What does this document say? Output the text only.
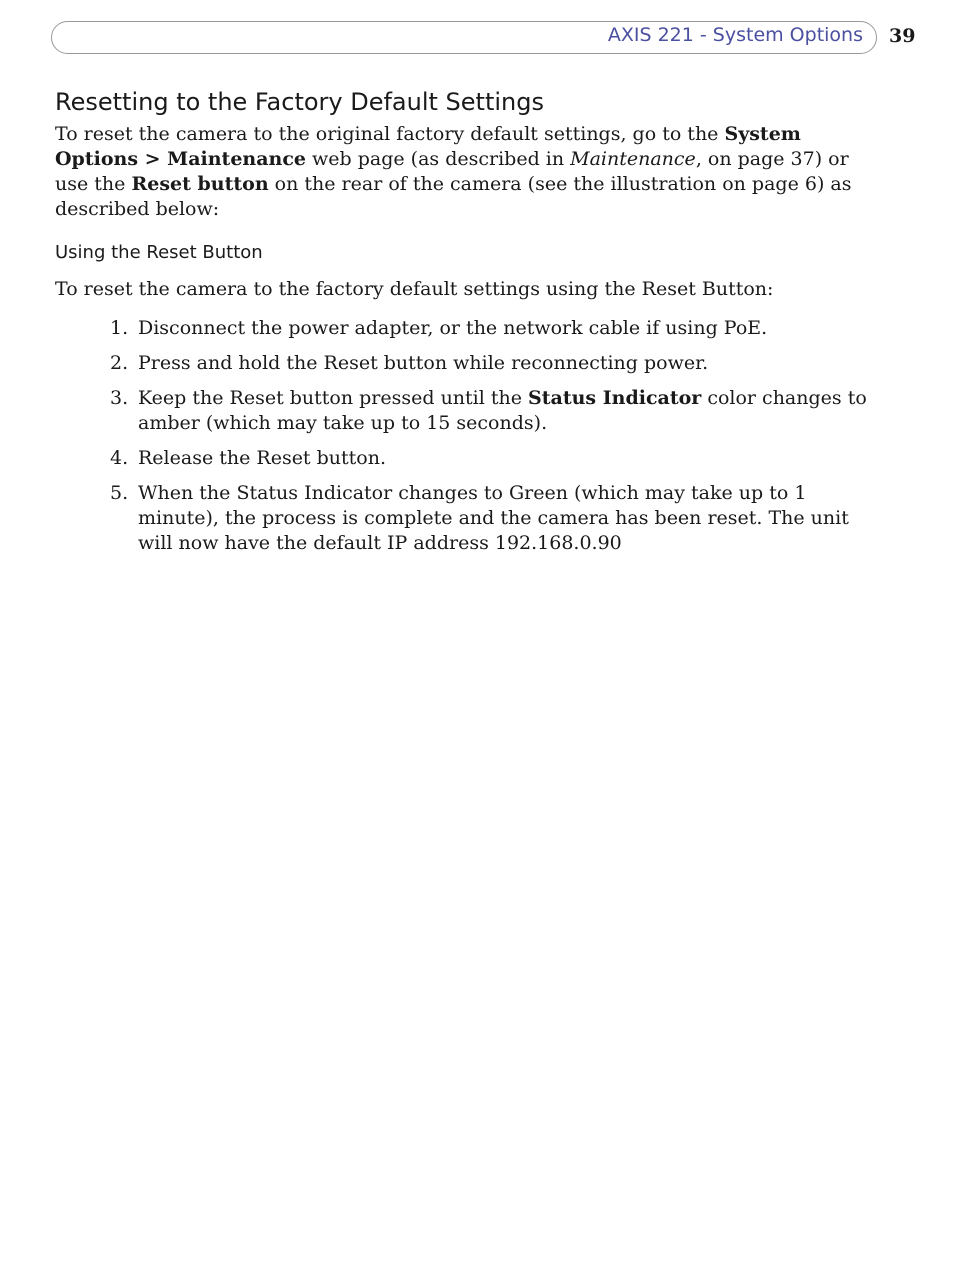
AXIS 221 - System Options 39
Resetting to the Factory Default Settings

To reset the camera to the original factory default settings, go to the System Options > Maintenance web page (as described in Maintenance, on page 37) or use the Reset button on the rear of the camera (see the illustration on page 6) as described below:

Using the Reset Button

To reset the camera to the factory default settings using the Reset Button:

1. Disconnect the power adapter, or the network cable if using PoE.
2. Press and hold the Reset button while reconnecting power.
3. Keep the Reset button pressed until the Status Indicator color changes to amber (which may take up to 15 seconds).
4. Release the Reset button.
5. When the Status Indicator changes to Green (which may take up to 1 minute), the process is complete and the camera has been reset. The unit will now have the default IP address 192.168.0.90
